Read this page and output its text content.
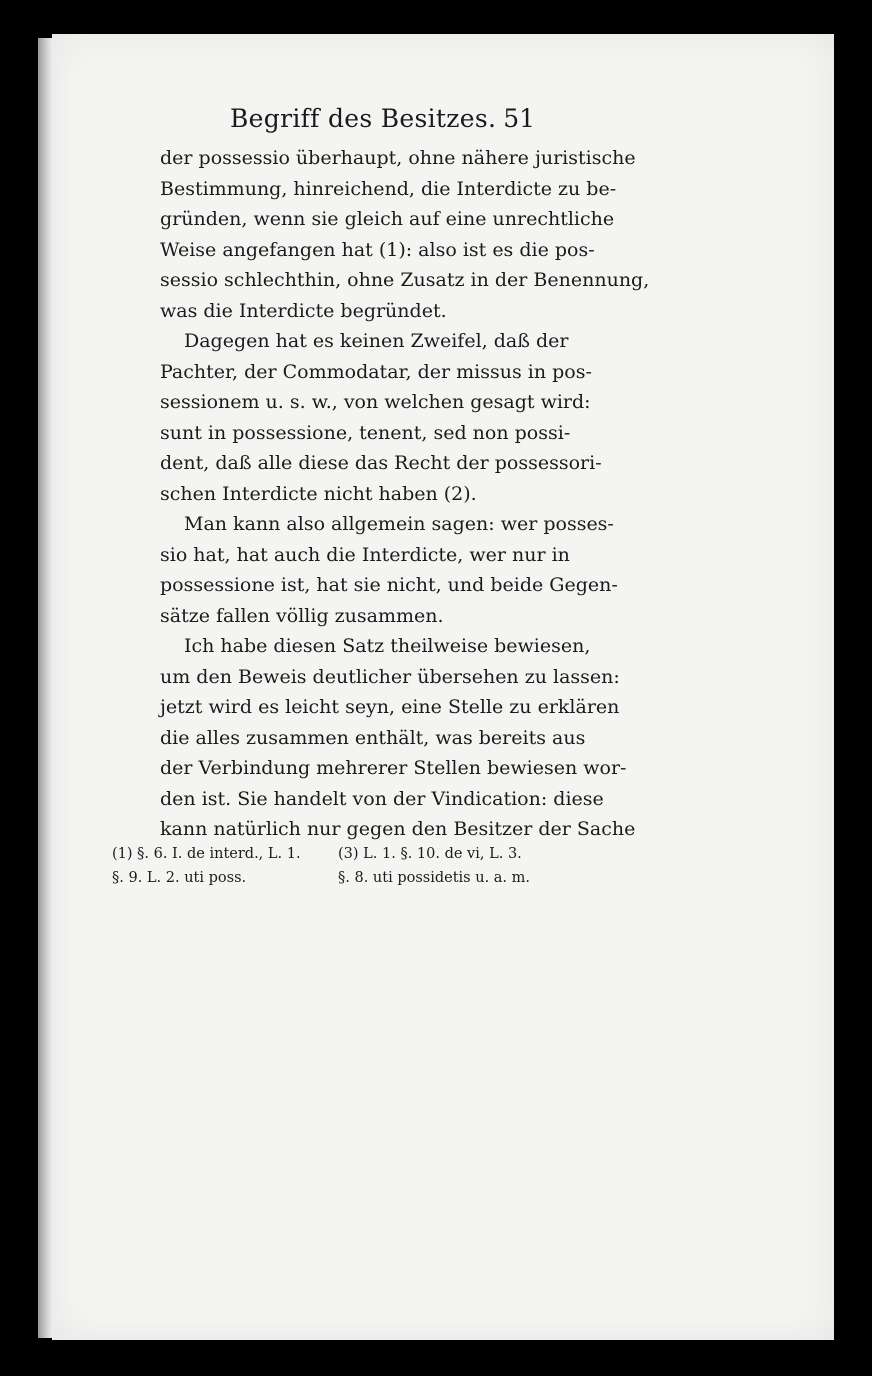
Begriff des Besitzes. 51
der possessio überhaupt, ohne nähere juristische
Bestimmung, hinreichend, die Interdicte zu be-
gründen, wenn sie gleich auf eine unrechtliche
Weise angefangen hat (1): also ist es die pos-
sessio schlechthin, ohne Zusatz in der Benennung,
was die Interdicte begründet.
Dagegen hat es keinen Zweifel, daß der
Pachter, der Commodatar, der missus in pos-
sessionem u. s. w., von welchen gesagt wird:
sunt in possessione, tenent, sed non possi-
dent, daß alle diese das Recht der possessori-
schen Interdicte nicht haben (2).
Man kann also allgemein sagen: wer posses-
sio hat, hat auch die Interdicte, wer nur in
possessione ist, hat sie nicht, und beide Gegen-
sätze fallen völlig zusammen.
Ich habe diesen Satz theilweise bewiesen,
um den Beweis deutlicher übersehen zu lassen:
jetzt wird es leicht seyn, eine Stelle zu erklären
die alles zusammen enthält, was bereits aus
der Verbindung mehrerer Stellen bewiesen wor-
den ist. Sie handelt von der Vindication: diese
kann natürlich nur gegen den Besitzer der Sache
(1) §. 6. I. de interd., L. 1.
§. 9. L. 2. uti poss.
(3) L. 1. §. 10. de vi, L. 3.
§. 8. uti possidetis u. a. m.
